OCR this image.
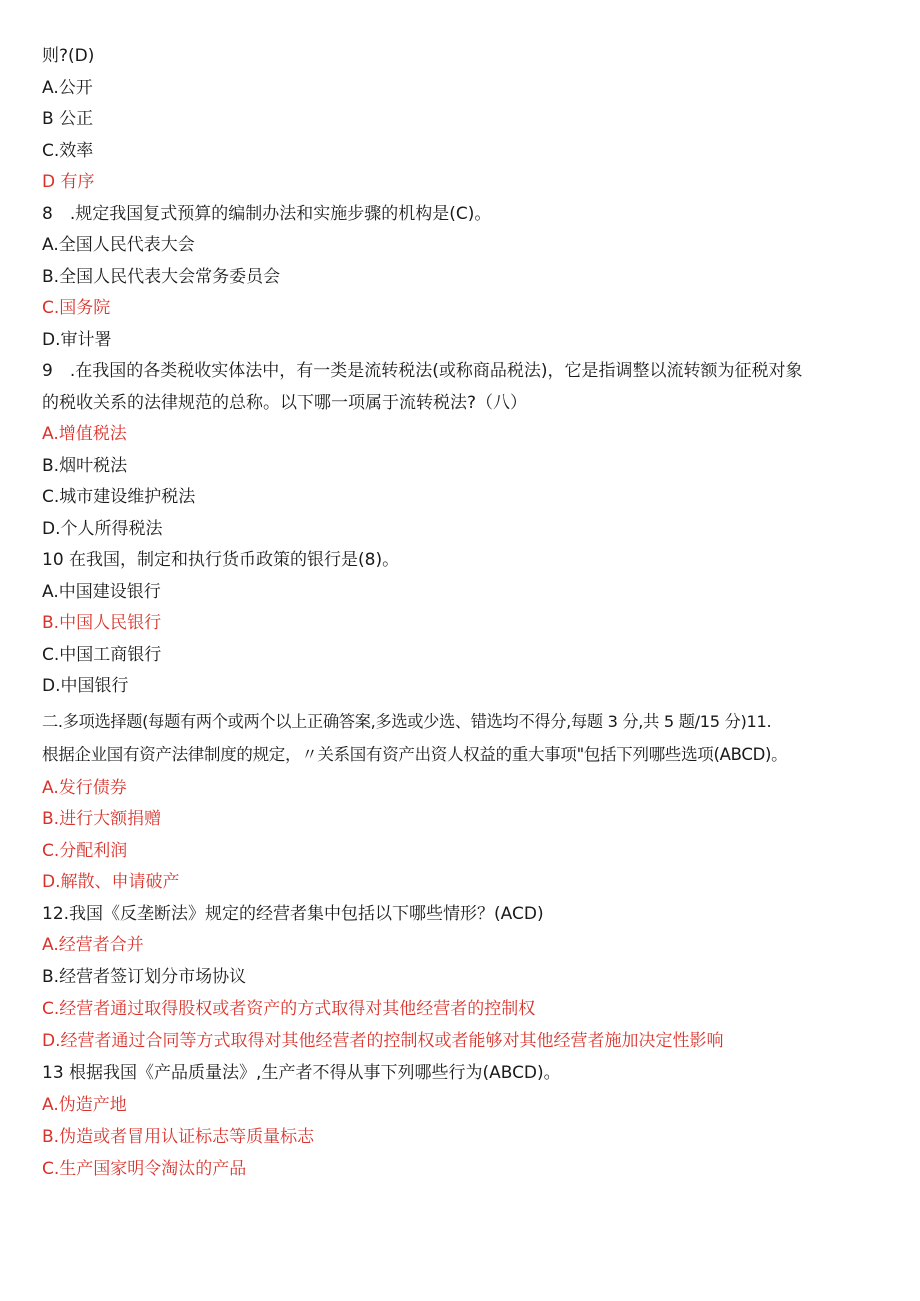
则?(D)
A.公开
B 公正
C.效率
D 有序
8　.规定我国复式预算的编制办法和实施步骤的机构是(C)。
A.全国人民代表大会
B.全国人民代表大会常务委员会
C.国务院
D.审计署
9　.在我国的各类税收实体法中，有一类是流转税法(或称商品税法)，它是指调整以流转额为征税对象
的税收关系的法律规范的总称。以下哪一项属于流转税法?（八）
A.增值税法
B.烟叶税法
C.城市建设维护税法
D.个人所得税法
10 在我国，制定和执行货币政策的银行是(8)。
A.中国建设银行
B.中国人民银行
C.中国工商银行
D.中国银行
二.多项选择题(每题有两个或两个以上正确答案,多选或少选、错选均不得分,每题 3 分,共 5 题/15 分)11.
根据企业国有资产法律制度的规定，〃关系国有资产出资人权益的重大事项"包括下列哪些选项(ABCD)。
A.发行债券
B.进行大额捐赠
C.分配利润
D.解散、申请破产
12.我国《反垄断法》规定的经营者集中包括以下哪些情形？(ACD)
A.经营者合并
B.经营者签订划分市场协议
C.经营者通过取得股权或者资产的方式取得对其他经营者的控制权
D.经营者通过合同等方式取得对其他经营者的控制权或者能够对其他经营者施加决定性影响
13 根据我国《产品质量法》,生产者不得从事下列哪些行为(ABCD)。
A.伪造产地
B.伪造或者冒用认证标志等质量标志
C.生产国家明令淘汰的产品
